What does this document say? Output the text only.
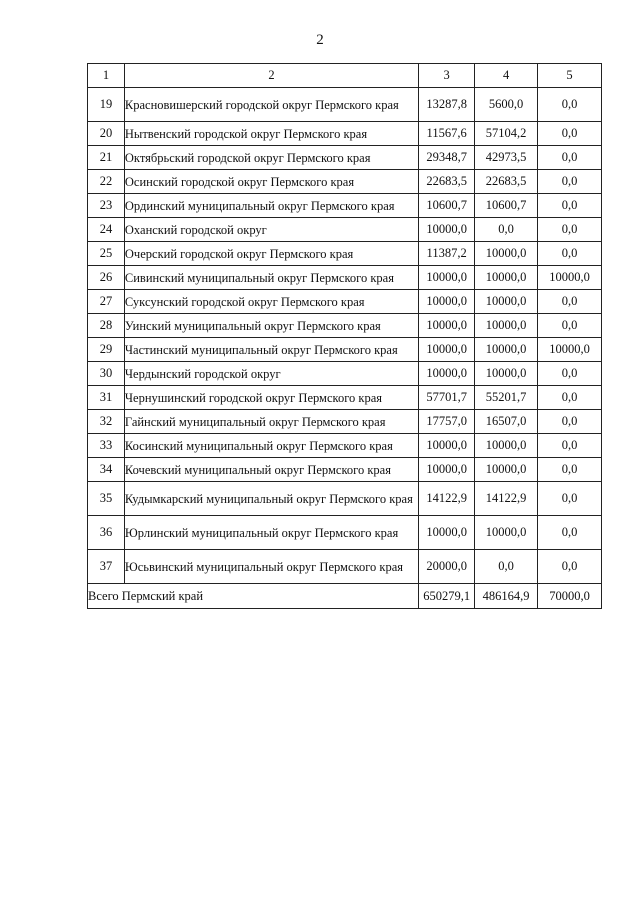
2
1	2	3	4	5
19	Красновишерский городской округ Пермского края	13287,8	5600,0	0,0
20	Нытвенский городской округ Пермского края	11567,6	57104,2	0,0
21	Октябрьский городской округ Пермского края	29348,7	42973,5	0,0
22	Осинский городской округ Пермского края	22683,5	22683,5	0,0
23	Ординский муниципальный округ Пермского края	10600,7	10600,7	0,0
24	Оханский городской округ	10000,0	0,0	0,0
25	Очерский городской округ Пермского края	11387,2	10000,0	0,0
26	Сивинский муниципальный округ Пермского края	10000,0	10000,0	10000,0
27	Суксунский городской округ Пермского края	10000,0	10000,0	0,0
28	Уинский муниципальный округ Пермского края	10000,0	10000,0	0,0
29	Частинский муниципальный округ Пермского края	10000,0	10000,0	10000,0
30	Чердынский городской округ	10000,0	10000,0	0,0
31	Чернушинский городской округ Пермского края	57701,7	55201,7	0,0
32	Гайнский муниципальный округ Пермского края	17757,0	16507,0	0,0
33	Косинский муниципальный округ Пермского края	10000,0	10000,0	0,0
34	Кочевский муниципальный округ Пермского края	10000,0	10000,0	0,0
35	Кудымкарский муниципальный округ Пермского края	14122,9	14122,9	0,0
36	Юрлинский муниципальный округ Пермского края	10000,0	10000,0	0,0
37	Юсьвинский муниципальный округ Пермского края	20000,0	0,0	0,0
Всего Пермский край		650279,1	486164,9	70000,0
